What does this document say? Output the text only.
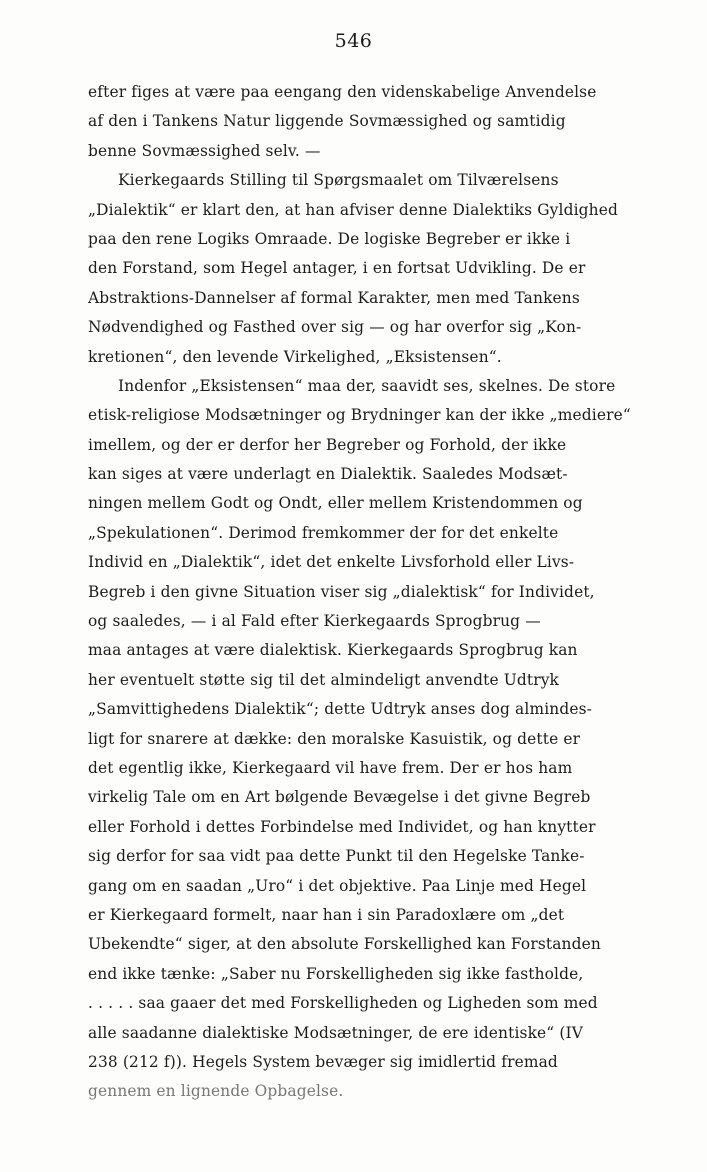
546
efter figes at være paa eengang den videnskabelige Anvendelse
af den i Tankens Natur liggende Sovmæssighed og samtidig
benne Sovmæssighed selv. —
Kierkegaards Stilling til Spørgsmaalet om Tilværelsens
„Dialektik“ er klart den, at han afviser denne Dialektiks Gyldighed
paa den rene Logiks Omraade. De logiske Begreber er ikke i
den Forstand, som Hegel antager, i en fortsat Udvikling. De er
Abstraktions-Dannelser af formal Karakter, men med Tankens
Nødvendighed og Fasthed over sig — og har overfor sig „Kon-
kretionen“, den levende Virkelighed, „Eksistensen“.
Indenfor „Eksistensen“ maa der, saavidt ses, skelnes. De store
etisk-religiose Modsætninger og Brydninger kan der ikke „mediere“
imellem, og der er derfor her Begreber og Forhold, der ikke
kan siges at være underlagt en Dialektik. Saaledes Modsæt-
ningen mellem Godt og Ondt, eller mellem Kristendommen og
„Spekulationen“. Derimod fremkommer der for det enkelte
Individ en „Dialektik“, idet det enkelte Livsforhold eller Livs-
Begreb i den givne Situation viser sig „dialektisk“ for Individet,
og saaledes, — i al Fald efter Kierkegaards Sprogbrug —
maa antages at være dialektisk. Kierkegaards Sprogbrug kan
her eventuelt støtte sig til det almindeligt anvendte Udtryk
„Samvittighedens Dialektik“; dette Udtryk anses dog almindes-
ligt for snarere at dække: den moralske Kasuistik, og dette er
det egentlig ikke, Kierkegaard vil have frem. Der er hos ham
virkelig Tale om en Art bølgende Bevægelse i det givne Begreb
eller Forhold i dettes Forbindelse med Individet, og han knytter
sig derfor for saa vidt paa dette Punkt til den Hegelske Tanke-
gang om en saadan „Uro“ i det objektive. Paa Linje med Hegel
er Kierkegaard formelt, naar han i sin Paradoxlære om „det
Ubekendte“ siger, at den absolute Forskellighed kan Forstanden
end ikke tænke: „Saber nu Forskelligheden sig ikke fastholde,
. . . . . saa gaaer det med Forskelligheden og Ligheden som med
alle saadanne dialektiske Modsætninger, de ere identiske“ (IV
238 (212 f)). Hegels System bevæger sig imidlertid fremad
gennem en lignende Opbagelse.
